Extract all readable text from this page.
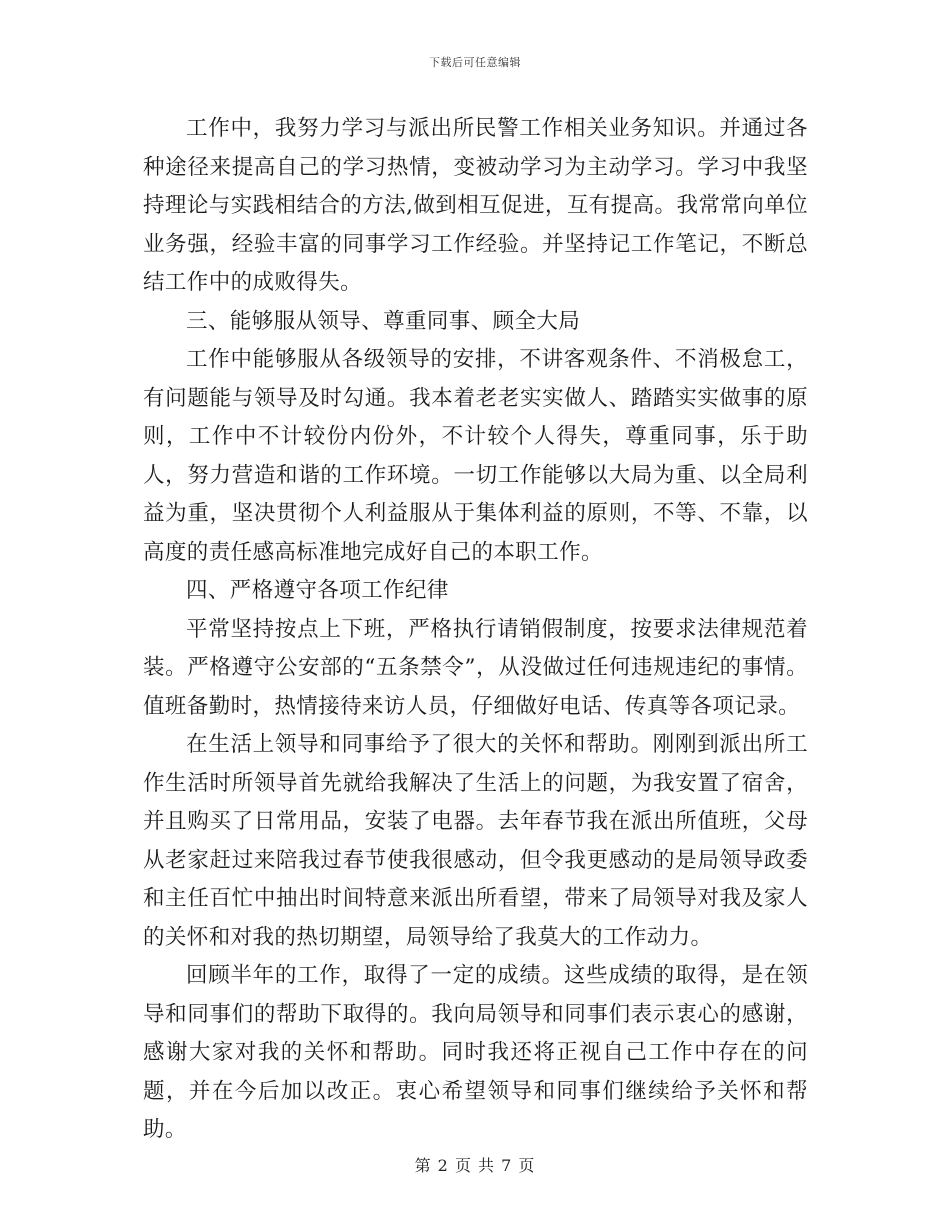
下载后可任意编辑

工作中，我努力学习与派出所民警工作相关业务知识。并通过各种途径来提高自己的学习热情，变被动学习为主动学习。学习中我坚持理论与实践相结合的方法,做到相互促进，互有提高。我常常向单位业务强，经验丰富的同事学习工作经验。并坚持记工作笔记，不断总结工作中的成败得失。

三、能够服从领导、尊重同事、顾全大局

工作中能够服从各级领导的安排，不讲客观条件、不消极怠工，有问题能与领导及时勾通。我本着老老实实做人、踏踏实实做事的原则，工作中不计较份内份外，不计较个人得失，尊重同事，乐于助人，努力营造和谐的工作环境。一切工作能够以大局为重、以全局利益为重，坚决贯彻个人利益服从于集体利益的原则，不等、不靠，以高度的责任感高标准地完成好自己的本职工作。

四、严格遵守各项工作纪律

平常坚持按点上下班，严格执行请销假制度，按要求法律规范着装。严格遵守公安部的“五条禁令”，从没做过任何违规违纪的事情。值班备勤时，热情接待来访人员，仔细做好电话、传真等各项记录。

在生活上领导和同事给予了很大的关怀和帮助。刚刚到派出所工作生活时所领导首先就给我解决了生活上的问题，为我安置了宿舍，并且购买了日常用品，安装了电器。去年春节我在派出所值班，父母从老家赶过来陪我过春节使我很感动，但令我更感动的是局领导政委和主任百忙中抽出时间特意来派出所看望，带来了局领导对我及家人的关怀和对我的热切期望，局领导给了我莫大的工作动力。

回顾半年的工作，取得了一定的成绩。这些成绩的取得，是在领导和同事们的帮助下取得的。我向局领导和同事们表示衷心的感谢，感谢大家对我的关怀和帮助。同时我还将正视自己工作中存在的问题，并在今后加以改正。衷心希望领导和同事们继续给予关怀和帮助。

第 2 页 共 7 页
